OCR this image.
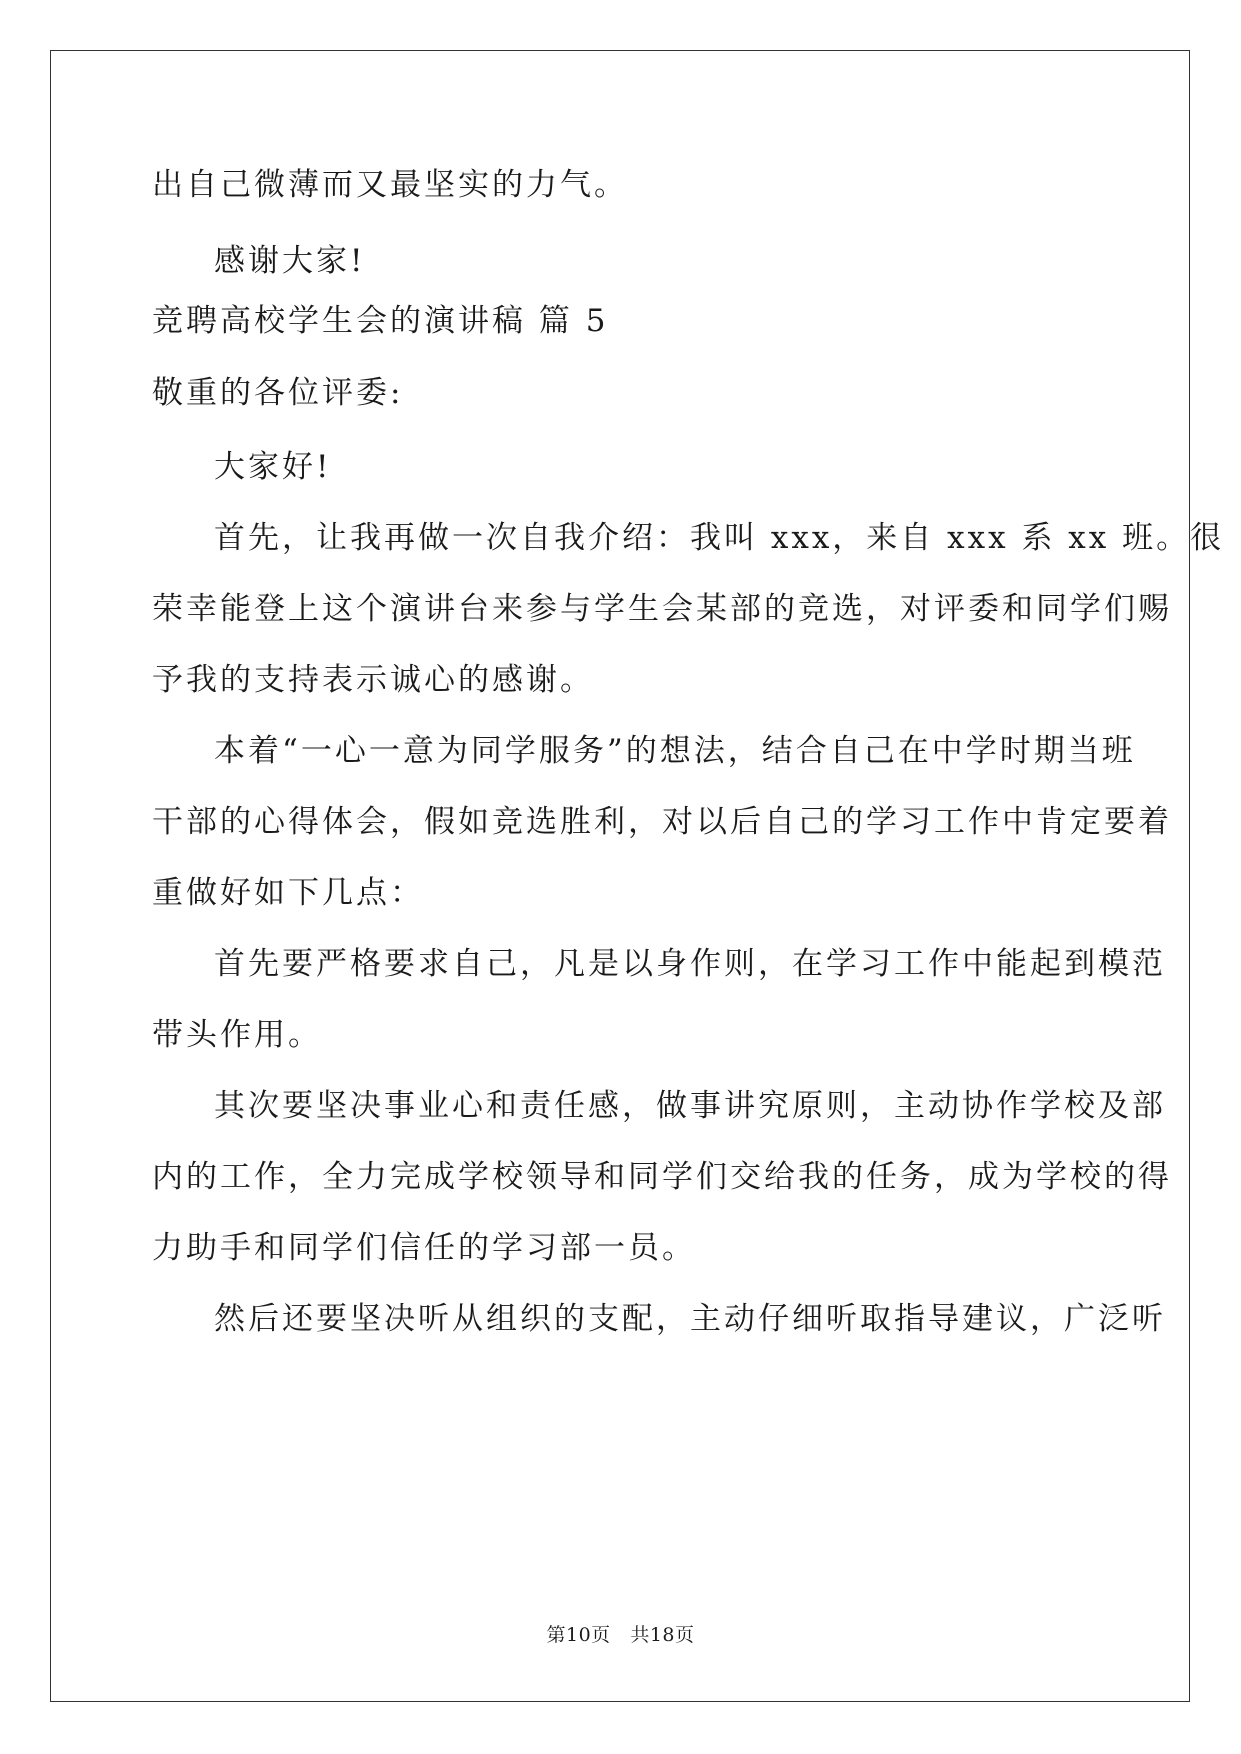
出自己微薄而又最坚实的力气。
感谢大家!
竞聘高校学生会的演讲稿 篇 5
敬重的各位评委:
大家好!
首先，让我再做一次自我介绍：我叫 xxx，来自 xxx 系 xx 班。很
荣幸能登上这个演讲台来参与学生会某部的竞选，对评委和同学们赐
予我的支持表示诚心的感谢。
本着“一心一意为同学服务”的想法，结合自己在中学时期当班
干部的心得体会，假如竞选胜利，对以后自己的学习工作中肯定要着
重做好如下几点：
首先要严格要求自己，凡是以身作则，在学习工作中能起到模范
带头作用。
其次要坚决事业心和责任感，做事讲究原则，主动协作学校及部
内的工作，全力完成学校领导和同学们交给我的任务，成为学校的得
力助手和同学们信任的学习部一员。
然后还要坚决听从组织的支配，主动仔细听取指导建议，广泛听
第10页 共18页
